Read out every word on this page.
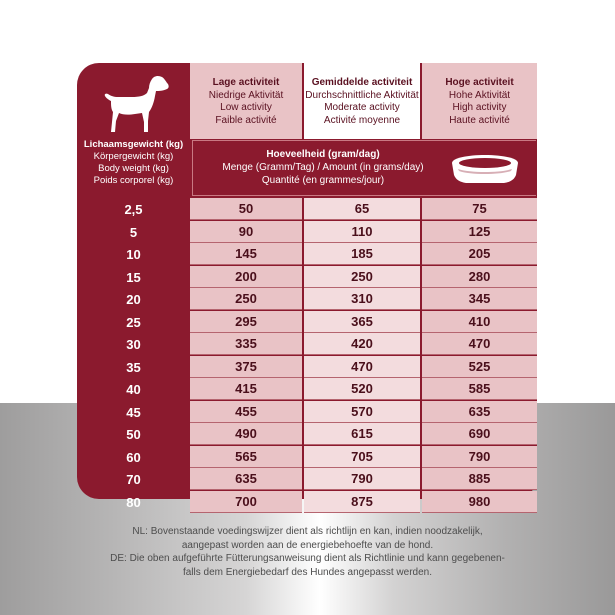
Lichaamsgewicht (kg)
Körpergewicht (kg)
Body weight (kg)
Poids corporel (kg)
Lage activiteit
Niedrige Aktivität
Low activity
Faible activité
Gemiddelde activiteit
Durchschnittliche Aktivität
Moderate activity
Activité moyenne
Hoge activiteit
Hohe Aktivität
High activity
Haute activité
Hoeveelheid (gram/dag)
Menge (Gramm/Tag) / Amount (in grams/day)
Quantité (en grammes/jour)
2,5	50	65	75
5	90	110	125
10	145	185	205
15	200	250	280
20	250	310	345
25	295	365	410
30	335	420	470
35	375	470	525
40	415	520	585
45	455	570	635
50	490	615	690
60	565	705	790
70	635	790	885
80	700	875	980
NL: Bovenstaande voedingswijzer dient als richtlijn en kan, indien noodzakelijk,
aangepast worden aan de energiebehoefte van de hond.
DE: Die oben aufgeführte Fütterungsanweisung dient als Richtlinie und kann gegebenen-
falls dem Energiebedarf des Hundes angepasst werden.
